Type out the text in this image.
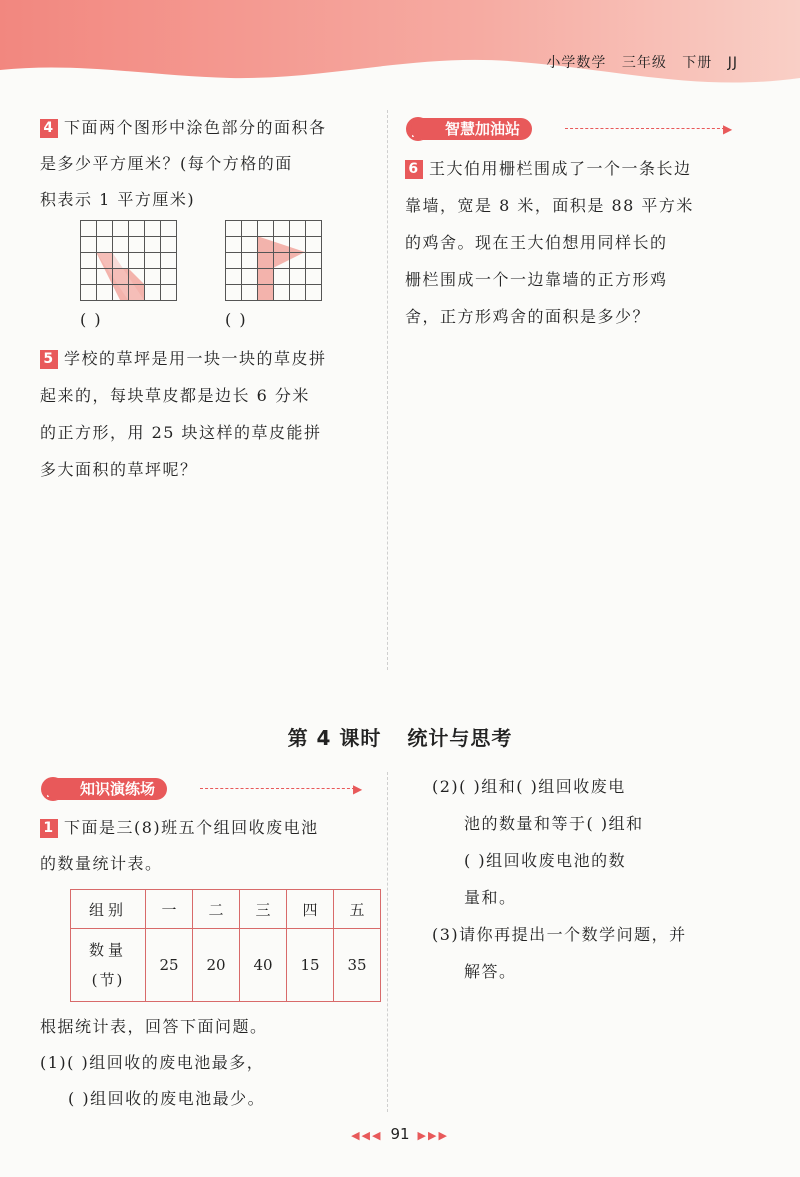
小学数学 三年级 下册 JJ
4 下面两个图形中涂色部分的面积各
是多少平方厘米？(每个方格的面
积表示 1 平方厘米)
( )	( )
5 学校的草坪是用一块一块的草皮拼
起来的，每块草皮都是边长 6 分米
的正方形，用 25 块这样的草皮能拼
多大面积的草坪呢？
智慧加油站	▶
6 王大伯用栅栏围成了一个一条长边
靠墙，宽是 8 米，面积是 88 平方米
的鸡舍。现在王大伯想用同样长的
栅栏围成一个一边靠墙的正方形鸡
舍，正方形鸡舍的面积是多少？
第 4 课时 统计与思考
知识演练场	▶
1 下面是三(8)班五个组回收废电池
的数量统计表。
组别	一	二	三	四	五

数量
(节)	25	20	40	15	35
根据统计表，回答下面问题。
(1)( )组回收的废电池最多，
( )组回收的废电池最少。
(2)( )组和( )组回收废电
池的数量和等于( )组和
( )组回收废电池的数
量和。
(3)请你再提出一个数学问题，并
解答。
◀◀◀ 91 ▶▶▶
